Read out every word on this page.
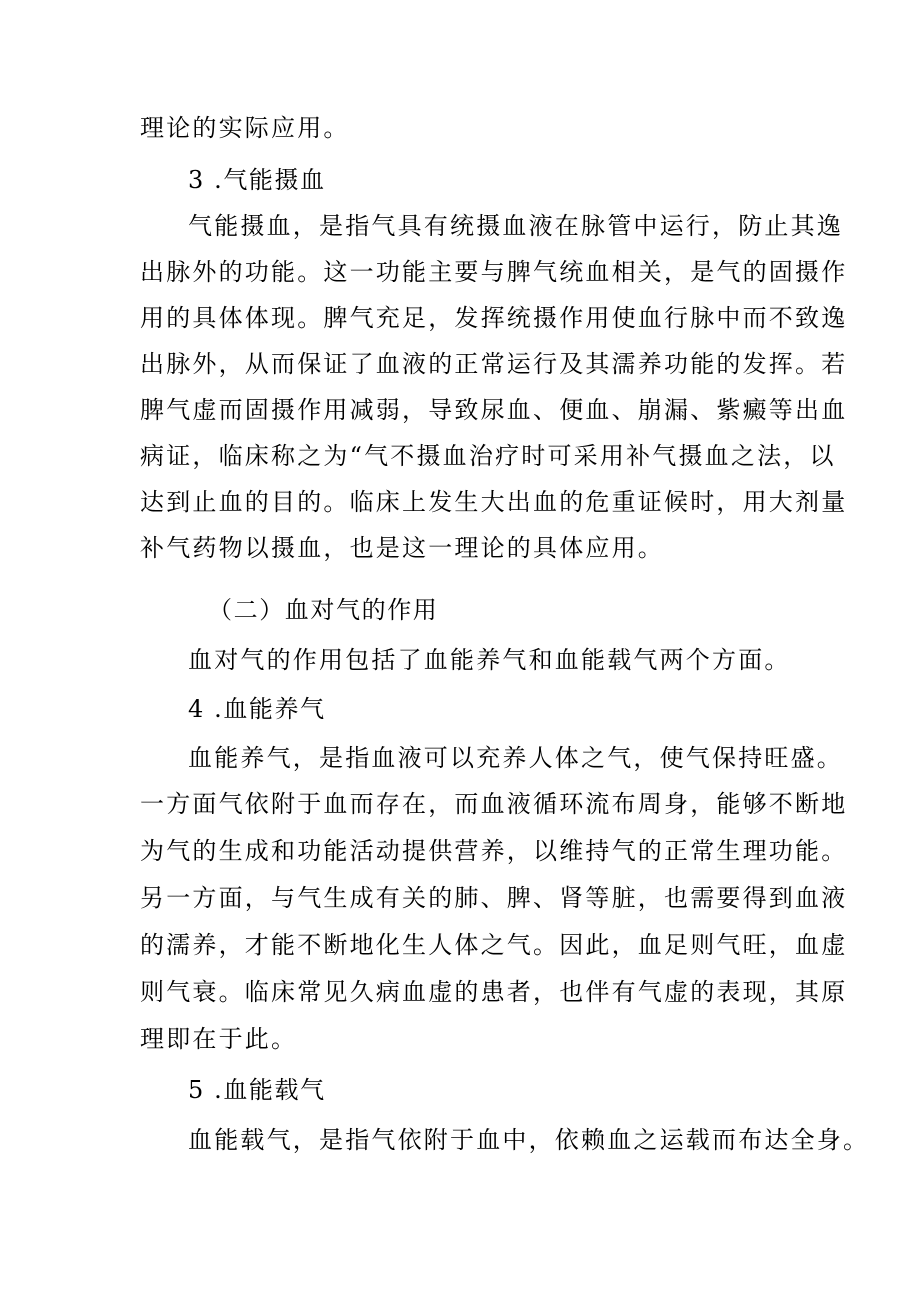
理论的实际应用。
3 .气能摄血
气能摄血，是指气具有统摄血液在脉管中运行，防止其逸
出脉外的功能。这一功能主要与脾气统血相关，是气的固摄作
用的具体体现。脾气充足，发挥统摄作用使血行脉中而不致逸
出脉外，从而保证了血液的正常运行及其濡养功能的发挥。若
脾气虚而固摄作用减弱，导致尿血、便血、崩漏、紫癜等出血
病证，临床称之为“气不摄血治疗时可采用补气摄血之法，以
达到止血的目的。临床上发生大出血的危重证候时，用大剂量
补气药物以摄血，也是这一理论的具体应用。
（二）血对气的作用
血对气的作用包括了血能养气和血能载气两个方面。
4 .血能养气
血能养气，是指血液可以充养人体之气，使气保持旺盛。
一方面气依附于血而存在，而血液循环流布周身，能够不断地
为气的生成和功能活动提供营养，以维持气的正常生理功能。
另一方面，与气生成有关的肺、脾、肾等脏，也需要得到血液
的濡养，才能不断地化生人体之气。因此，血足则气旺，血虚
则气衰。临床常见久病血虚的患者，也伴有气虚的表现，其原
理即在于此。
5 .血能载气
血能载气，是指气依附于血中，依赖血之运载而布达全身。
